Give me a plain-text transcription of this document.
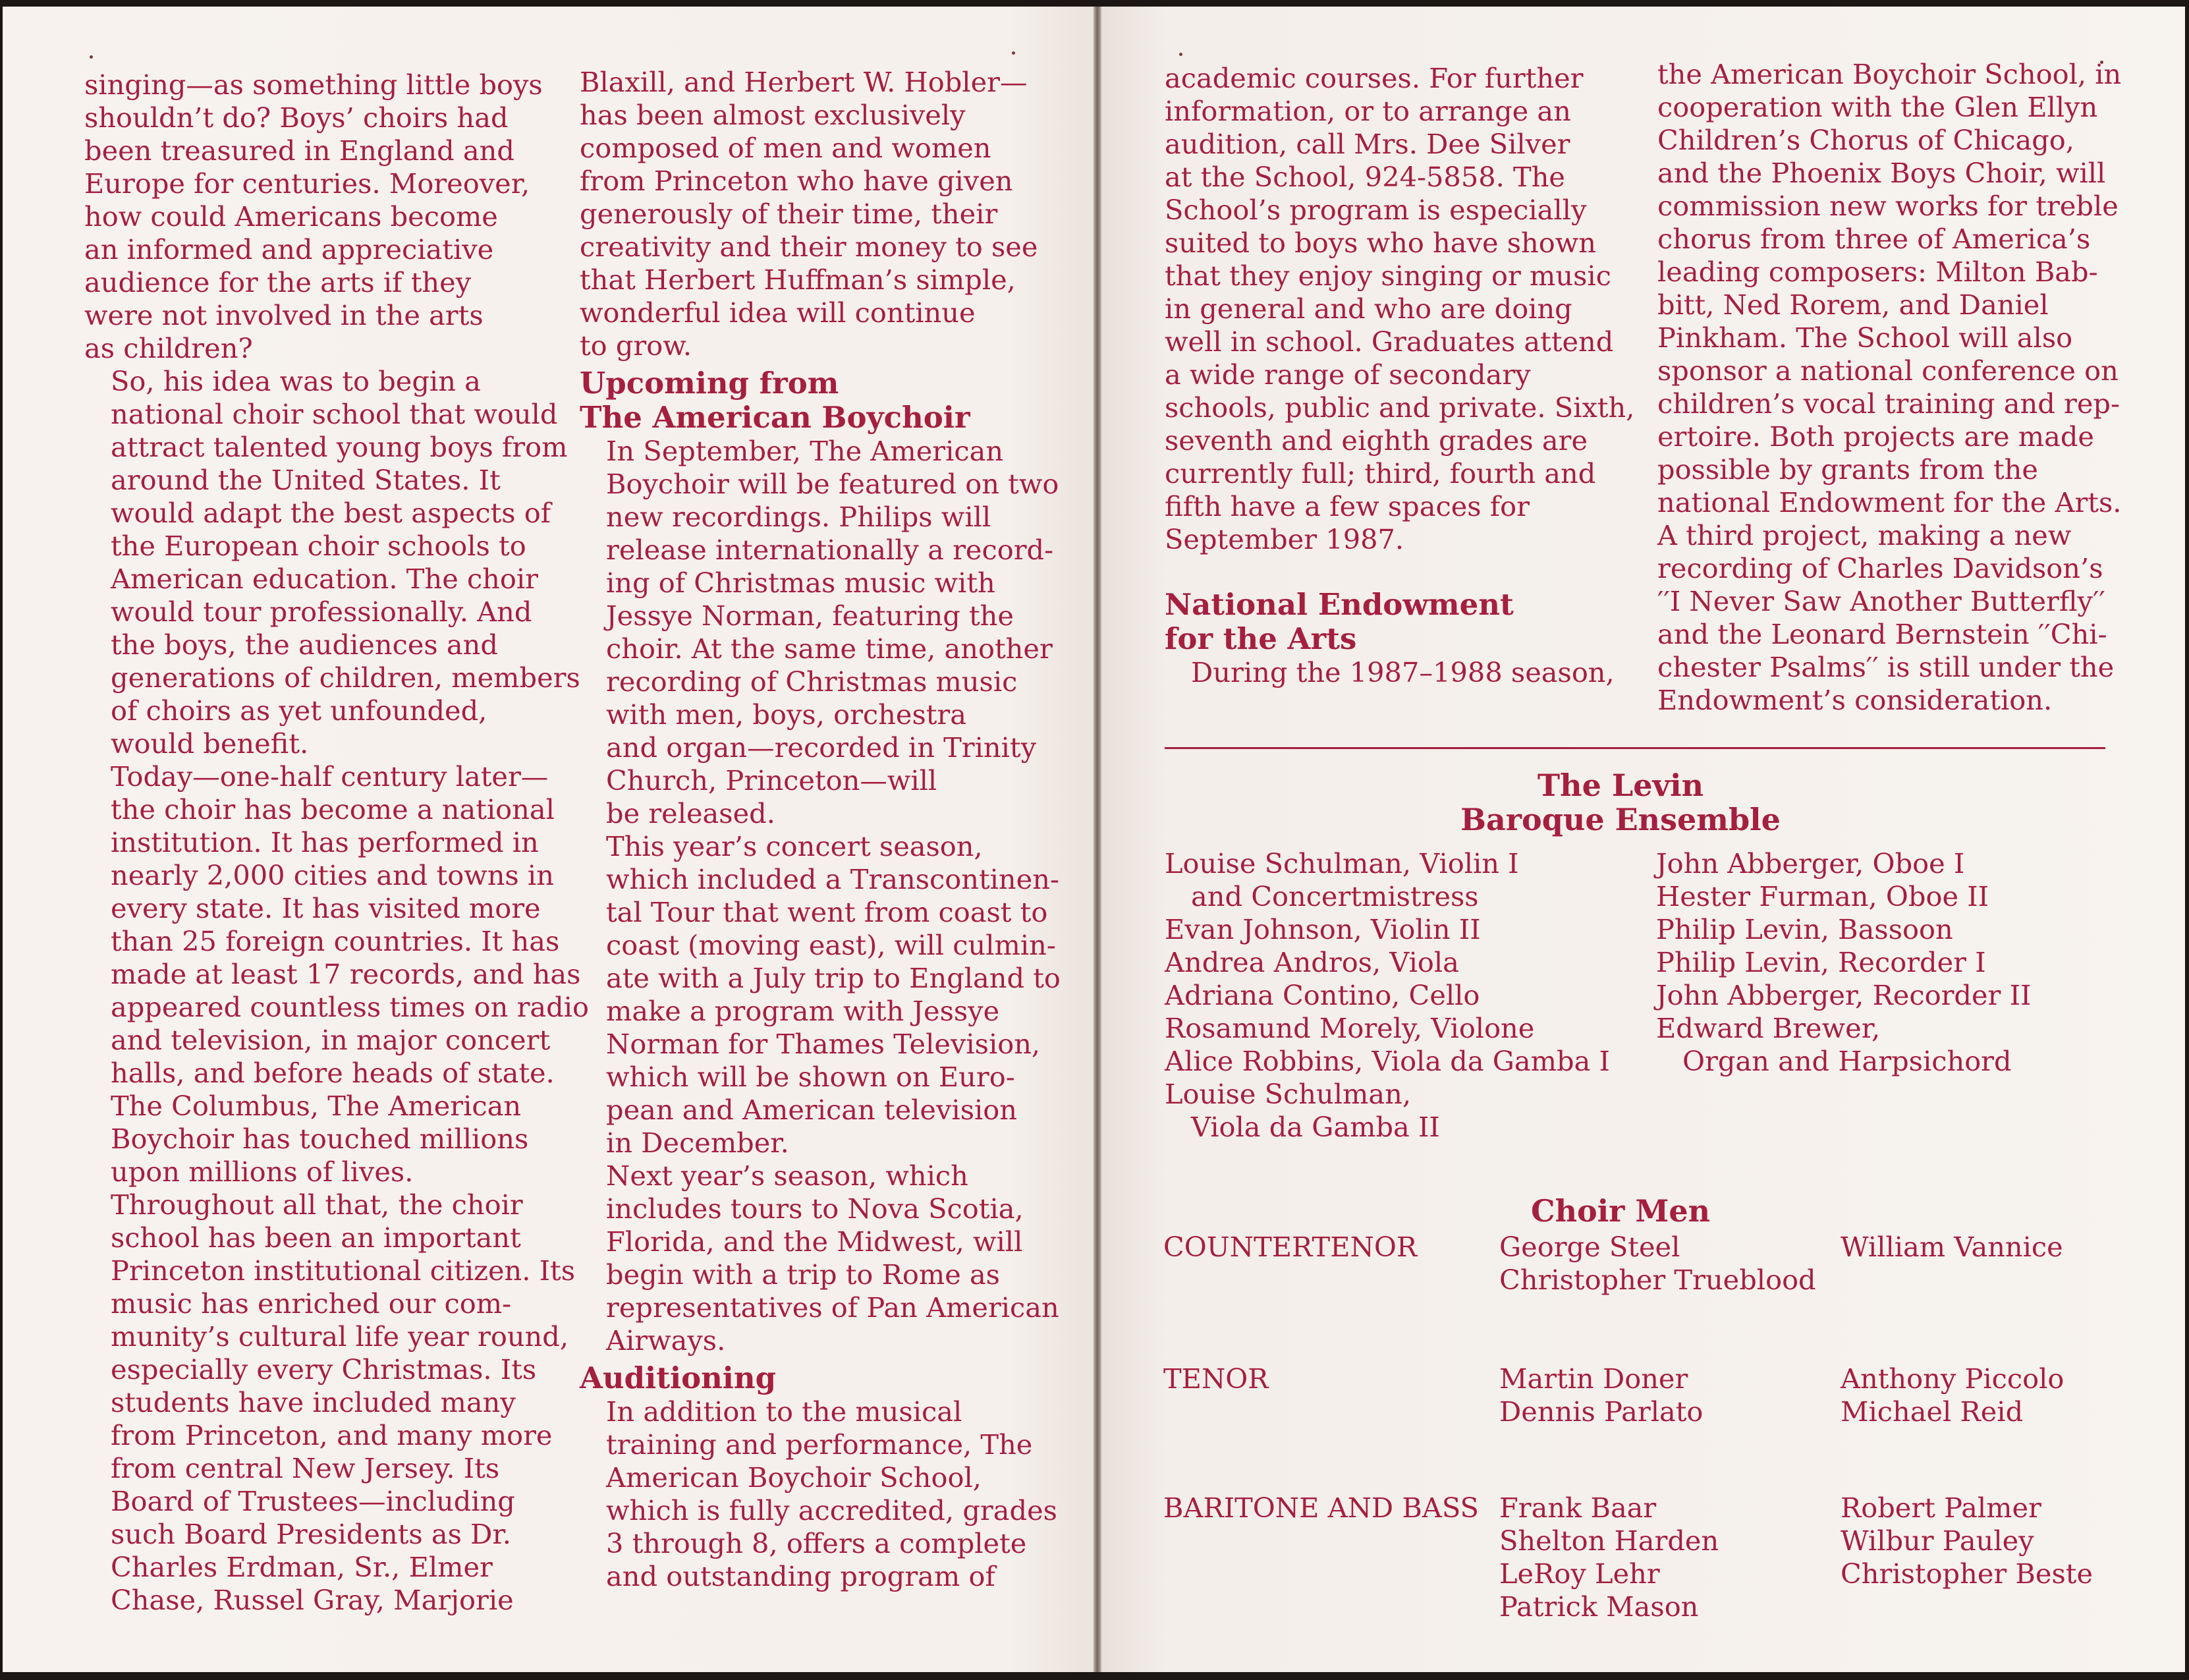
singing—as something little boys
shouldn’t do? Boys’ choirs had
been treasured in England and
Europe for centuries. Moreover,
how could Americans become
an informed and appreciative
audience for the arts if they
were not involved in the arts
as children?

So, his idea was to begin a
national choir school that would
attract talented young boys from
around the United States. It
would adapt the best aspects of
the European choir schools to
American education. The choir
would tour professionally. And
the boys, the audiences and
generations of children, members
of choirs as yet unfounded,
would benefit.

Today—one-half century later—
the choir has become a national
institution. It has performed in
nearly 2,000 cities and towns in
every state. It has visited more
than 25 foreign countries. It has
made at least 17 records, and has
appeared countless times on radio
and television, in major concert
halls, and before heads of state.
The Columbus, The American
Boychoir has touched millions
upon millions of lives.

Throughout all that, the choir
school has been an important
Princeton institutional citizen. Its
music has enriched our com-
munity’s cultural life year round,
especially every Christmas. Its
students have included many
from Princeton, and many more
from central New Jersey. Its
Board of Trustees—including
such Board Presidents as Dr.
Charles Erdman, Sr., Elmer
Chase, Russel Gray, Marjorie

Blaxill, and Herbert W. Hobler—
has been almost exclusively
composed of men and women
from Princeton who have given
generously of their time, their
creativity and their money to see
that Herbert Huffman’s simple,
wonderful idea will continue
to grow.

Upcoming from
The American Boychoir

In September, The American
Boychoir will be featured on two
new recordings. Philips will
release internationally a record-
ing of Christmas music with
Jessye Norman, featuring the
choir. At the same time, another
recording of Christmas music
with men, boys, orchestra
and organ—recorded in Trinity
Church, Princeton—will
be released.

This year’s concert season,
which included a Transcontinen-
tal Tour that went from coast to
coast (moving east), will culmin-
ate with a July trip to England to
make a program with Jessye
Norman for Thames Television,
which will be shown on Euro-
pean and American television
in December.

Next year’s season, which
includes tours to Nova Scotia,
Florida, and the Midwest, will
begin with a trip to Rome as
representatives of Pan American
Airways.

Auditioning

In addition to the musical
training and performance, The
American Boychoir School,
which is fully accredited, grades
3 through 8, offers a complete
and outstanding program of

academic courses. For further
information, or to arrange an
audition, call Mrs. Dee Silver
at the School, 924-5858. The
School’s program is especially
suited to boys who have shown
that they enjoy singing or music
in general and who are doing
well in school. Graduates attend
a wide range of secondary
schools, public and private. Sixth,
seventh and eighth grades are
currently full; third, fourth and
fifth have a few spaces for
September 1987.

National Endowment
for the Arts

During the 1987–1988 season,

the American Boychoir School, in
cooperation with the Glen Ellyn
Children’s Chorus of Chicago,
and the Phoenix Boys Choir, will
commission new works for treble
chorus from three of America’s
leading composers: Milton Bab-
bitt, Ned Rorem, and Daniel
Pinkham. The School will also
sponsor a national conference on
children’s vocal training and rep-
ertoire. Both projects are made
possible by grants from the
national Endowment for the Arts.
A third project, making a new
recording of Charles Davidson’s
′′I Never Saw Another Butterfly′′
and the Leonard Bernstein ′′Chi-
chester Psalms′′ is still under the
Endowment’s consideration.

The Levin
Baroque Ensemble
Louise Schulman, Violin I
and Concertmistress
Evan Johnson, Violin II
Andrea Andros, Viola
Adriana Contino, Cello
Rosamund Morely, Violone
Alice Robbins, Viola da Gamba I
Louise Schulman,
Viola da Gamba II
John Abberger, Oboe I
Hester Furman, Oboe II
Philip Levin, Bassoon
Philip Levin, Recorder I
John Abberger, Recorder II
Edward Brewer,
Organ and Harpsichord
Choir Men
COUNTERTENOR	George Steel
Christopher Trueblood
William Vannice
TENOR	Martin Doner
Dennis Parlato
Anthony Piccolo
Michael Reid
BARITONE AND BASS Frank Baar
Shelton Harden
LeRoy Lehr
Patrick Mason
Robert Palmer
Wilbur Pauley
Christopher Beste
